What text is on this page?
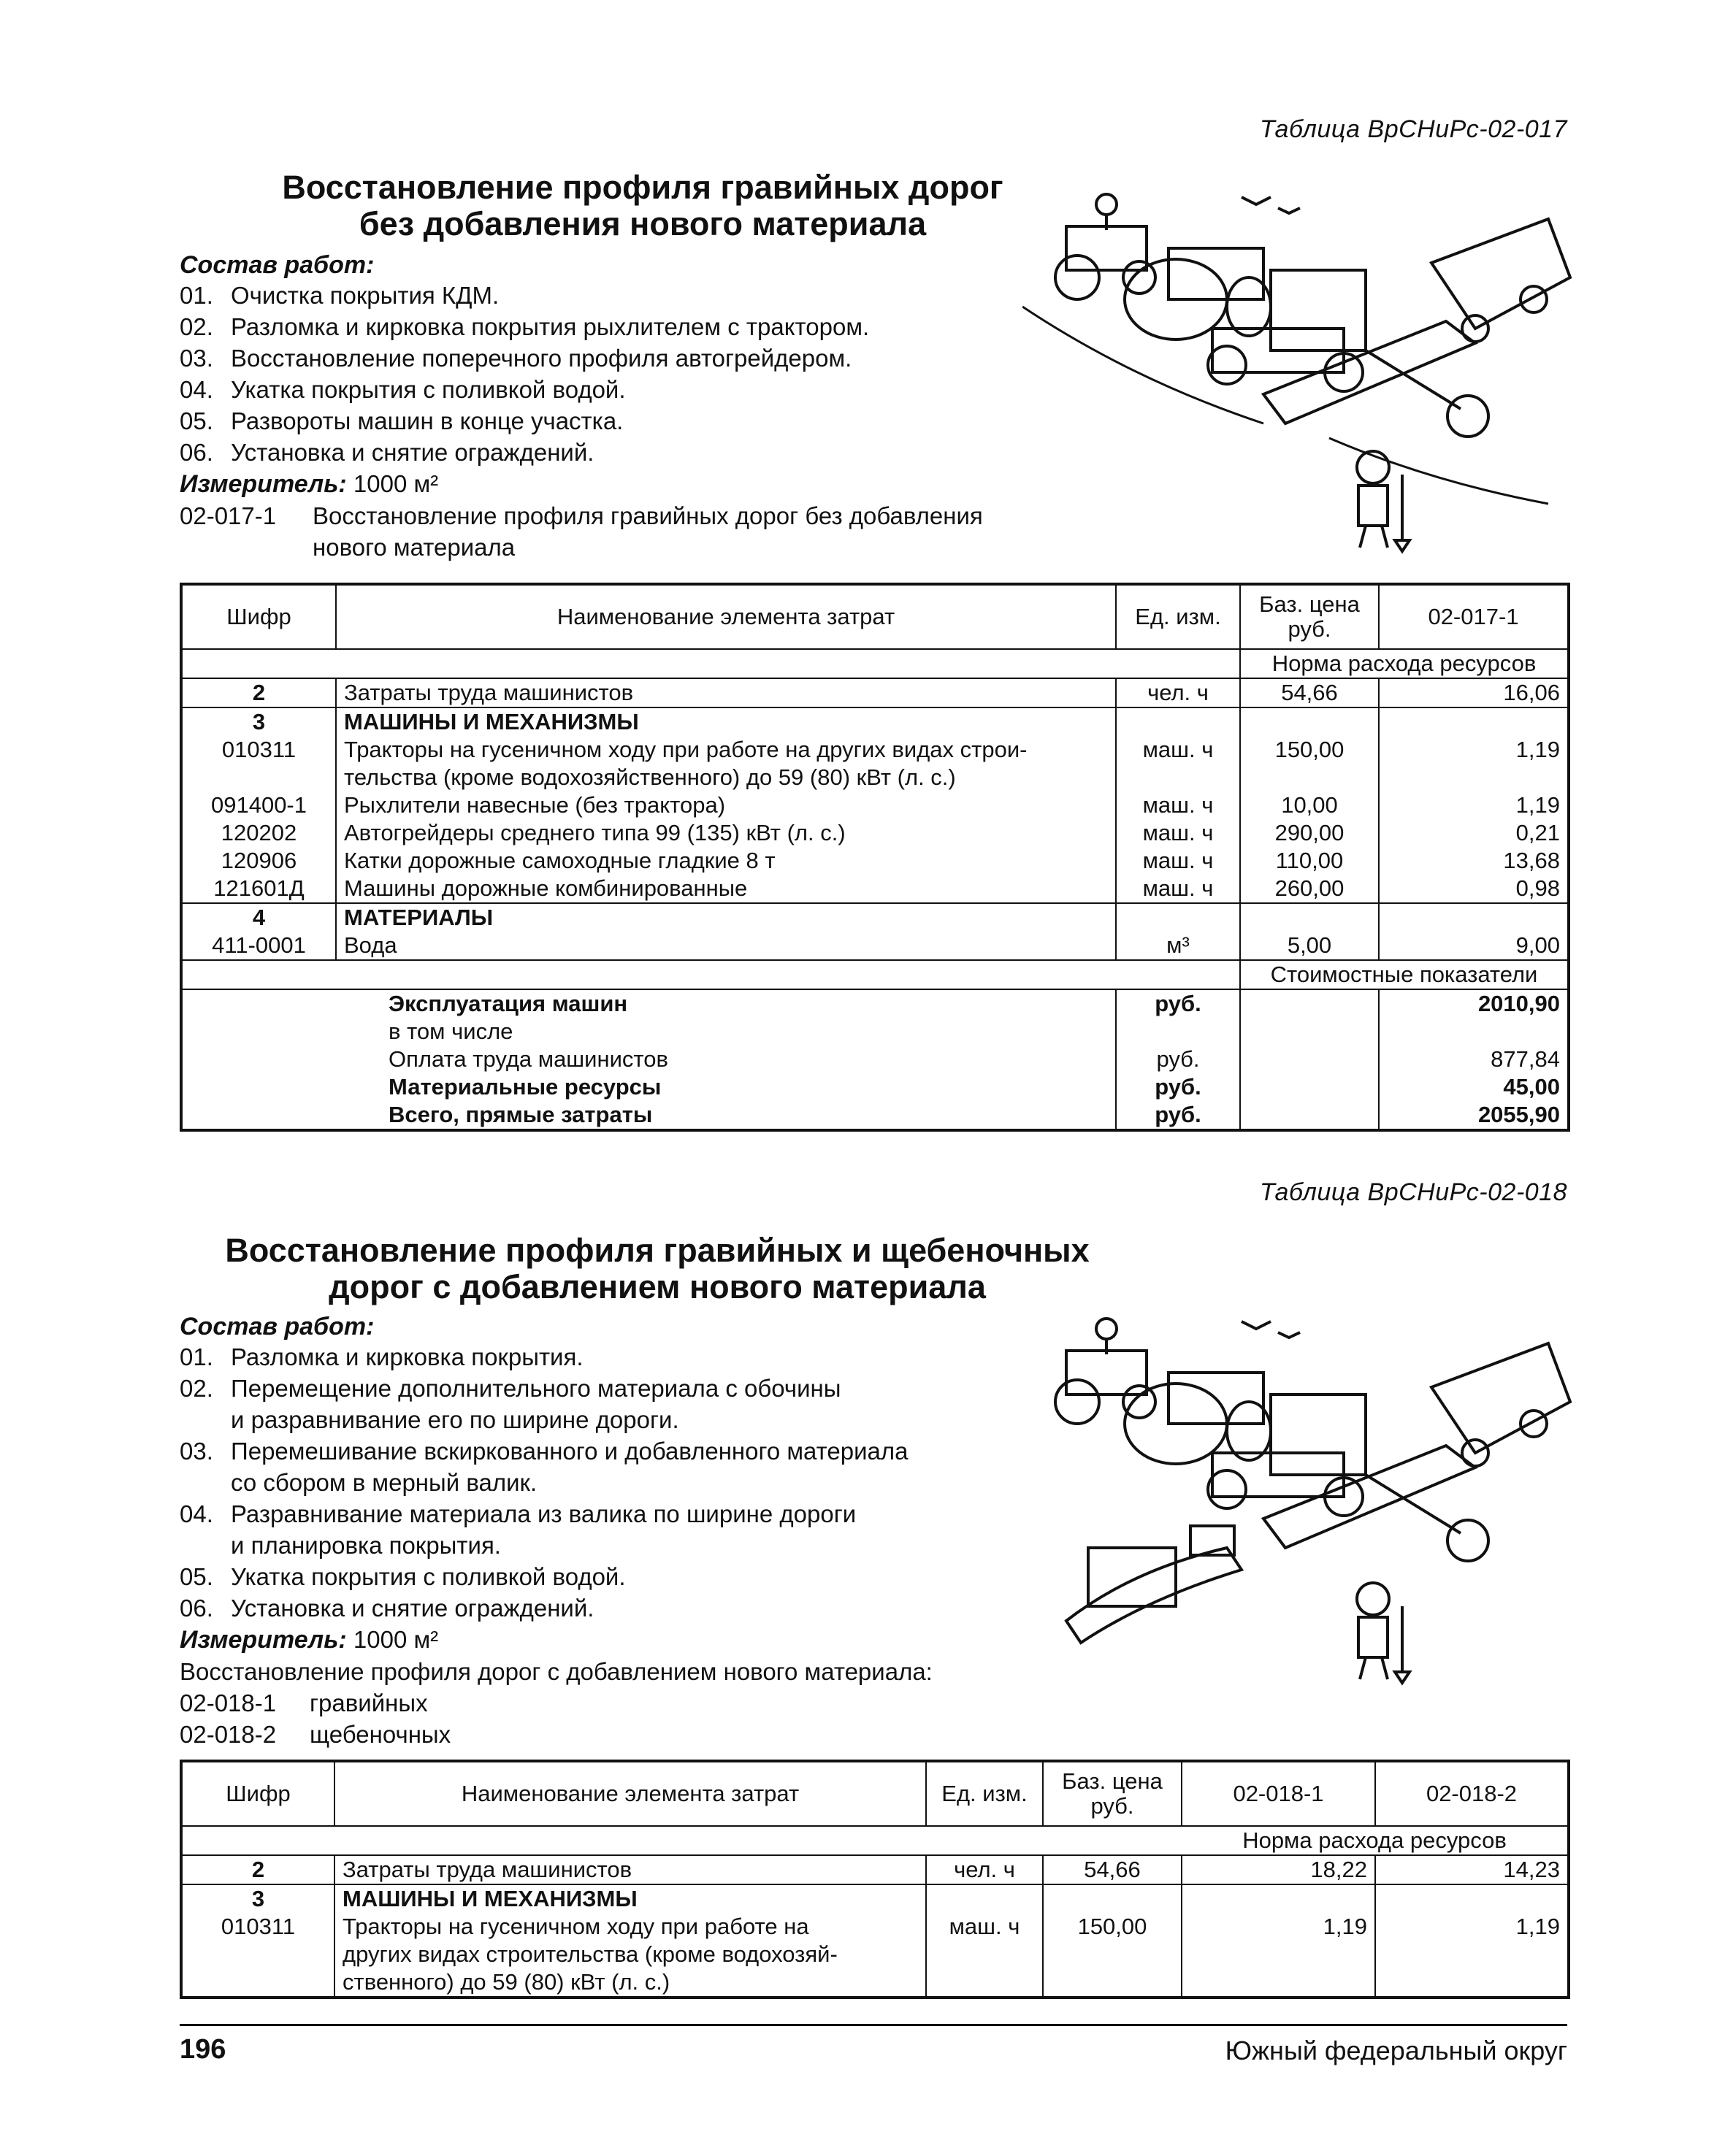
Таблица ВрСНиРс-02-017
Восстановление профиля гравийных дорог
без добавления нового материала
Состав работ:
01. Очистка покрытия КДМ.
02. Разломка и кирковка покрытия рыхлителем с трактором.
03. Восстановление поперечного профиля автогрейдером.
04. Укатка покрытия с поливкой водой.
05. Развороты машин в конце участка.
06. Установка и снятие ограждений.
Измеритель: 1000 м²
02-017-1	Восстановление профиля гравийных дорог без добавления
нового материала
Шифр	Наименование элемента затрат	Ед. изм.	Баз. цена руб.	02-017-1
			Норма расхода ресурсов	
2	Затраты труда машинистов	чел. ч	54,66	16,06
3	МАШИНЫ И МЕХАНИЗМЫ			
010311	Тракторы на гусеничном ходу при работе на других видах строи-
тельства (кроме водохозяйственного) до 59 (80) кВт (л. с.)	маш. ч	150,00	1,19
091400-1	Рыхлители навесные (без трактора)	маш. ч	10,00	1,19
120202	Автогрейдеры среднего типа 99 (135) кВт (л. с.)	маш. ч	290,00	0,21
120906	Катки дорожные самоходные гладкие 8 т	маш. ч	110,00	13,68
121601Д	Машины дорожные комбинированные	маш. ч	260,00	0,98
4	МАТЕРИАЛЫ			
411-0001	Вода	м³	5,00	9,00
			Стоимостные показатели	
	Эксплуатация машин	руб.		2010,90
	в том числе			
	Оплата труда машинистов	руб.		877,84
	Материальные ресурсы	руб.		45,00
	Всего, прямые затраты	руб.		2055,90
Таблица ВрСНиРс-02-018
Восстановление профиля гравийных и щебеночных
дорог с добавлением нового материала
Состав работ:
01. Разломка и кирковка покрытия.
02. Перемещение дополнительного материала с обочины
и разравнивание его по ширине дороги.
03. Перемешивание вскиркованного и добавленного материала
со сбором в мерный валик.
04. Разравнивание материала из валика по ширине дороги
и планировка покрытия.
05. Укатка покрытия с поливкой водой.
06. Установка и снятие ограждений.
Измеритель: 1000 м²
Восстановление профиля дорог с добавлением нового материала:
02-018-1	гравийных
02-018-2	щебеночных
Шифр	Наименование элемента затрат	Ед. изм.	Баз. цена руб.	02-018-1	02-018-2
				Норма расхода ресурсов	
2	Затраты труда машинистов	чел. ч	54,66	18,22	14,23
3	МАШИНЫ И МЕХАНИЗМЫ				
010311	Тракторы на гусеничном ходу при работе на
других видах строительства (кроме водохозяй-
ственного) до 59 (80) кВт (л. с.)	маш. ч	150,00	1,19	1,19
196	Южный федеральный округ
